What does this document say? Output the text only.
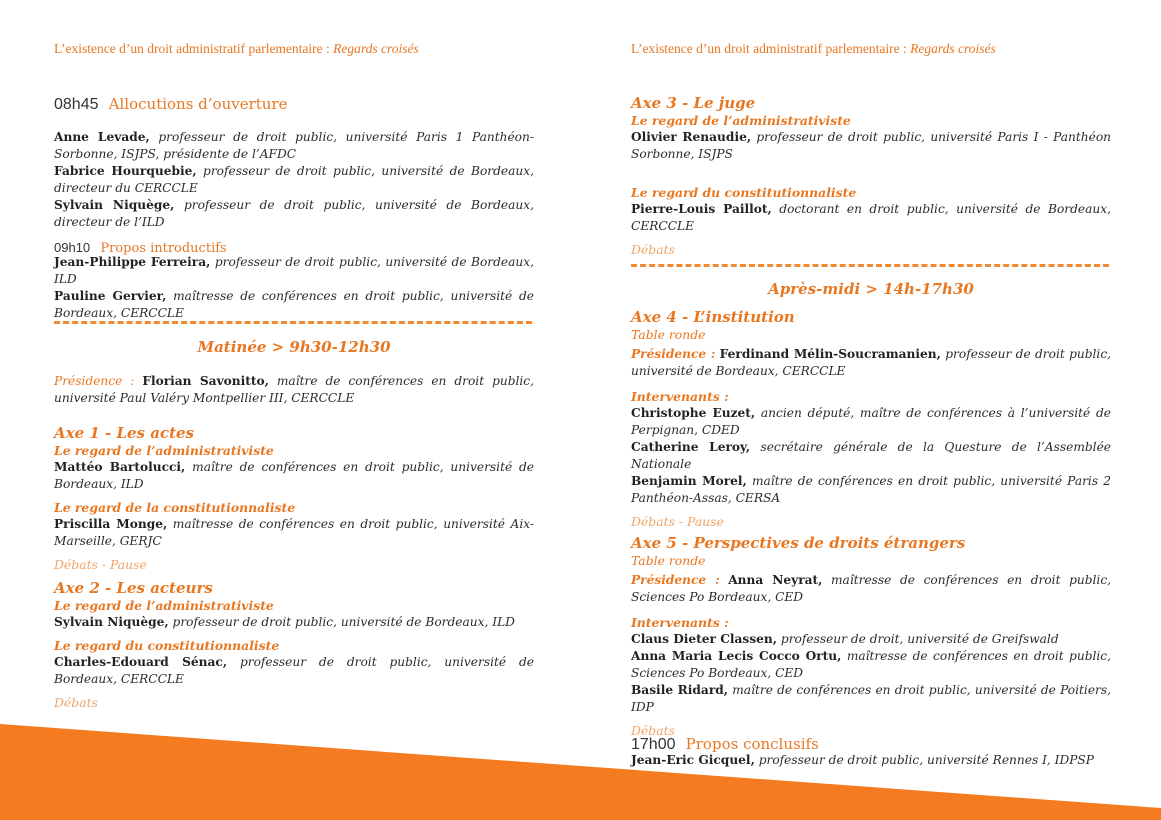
L’existence d’un droit administratif parlementaire : Regards croisés
08h45 Allocutions d’ouverture

Anne Levade, professeur de droit public, université Paris 1 Panthéon-Sorbonne, ISJPS, présidente de l’AFDC

Fabrice Hourquebie, professeur de droit public, université de Bordeaux, directeur du CERCCLE

Sylvain Niquège, professeur de droit public, université de Bordeaux, directeur de l’ILD

09h10 Propos introductifs

Jean-Philippe Ferreira, professeur de droit public, université de Bordeaux, ILD

Pauline Gervier, maîtresse de conférences en droit public, université de Bordeaux, CERCCLE

Matinée > 9h30-12h30

Présidence : Florian Savonitto, maître de conférences en droit public, université Paul Valéry Montpellier III, CERCCLE

Axe 1 - Les actes
Le regard de l’administrativiste

Mattéo Bartolucci, maître de conférences en droit public, université de Bordeaux, ILD

Le regard de la constitutionnaliste

Priscilla Monge, maîtresse de conférences en droit public, université Aix-Marseille, GERJC

Débats - Pause
Axe 2 - Les acteurs
Le regard de l’administrativiste

Sylvain Niquège, professeur de droit public, université de Bordeaux, ILD

Le regard du constitutionnaliste

Charles-Edouard Sénac, professeur de droit public, université de Bordeaux, CERCCLE

Débats
L’existence d’un droit administratif parlementaire : Regards croisés
Axe 3 - Le juge
Le regard de l’administrativiste

Olivier Renaudie, professeur de droit public, université Paris I - Panthéon Sorbonne, ISJPS

Le regard du constitutionnaliste

Pierre-Louis Paillot, doctorant en droit public, université de Bordeaux, CERCCLE

Débats
Après-midi > 14h-17h30
Axe 4 - L’institution
Table ronde

Présidence : Ferdinand Mélin-Soucramanien, professeur de droit public, université de Bordeaux, CERCCLE

Intervenants :

Christophe Euzet, ancien député, maître de conférences à l’université de Perpignan, CDED

Catherine Leroy, secrétaire générale de la Questure de l’Assemblée Nationale

Benjamin Morel, maître de conférences en droit public, université Paris 2 Panthéon-Assas, CERSA

Débats - Pause
Axe 5 - Perspectives de droits étrangers
Table ronde

Présidence : Anna Neyrat, maîtresse de conférences en droit public, Sciences Po Bordeaux, CED

Intervenants :

Claus Dieter Classen, professeur de droit, université de Greifswald

Anna Maria Lecis Cocco Ortu, maîtresse de conférences en droit public, Sciences Po Bordeaux, CED

Basile Ridard, maître de conférences en droit public, université de Poitiers, IDP

Débats
17h00 Propos conclusifs

Jean-Eric Gicquel, professeur de droit public, université Rennes I, IDPSP
